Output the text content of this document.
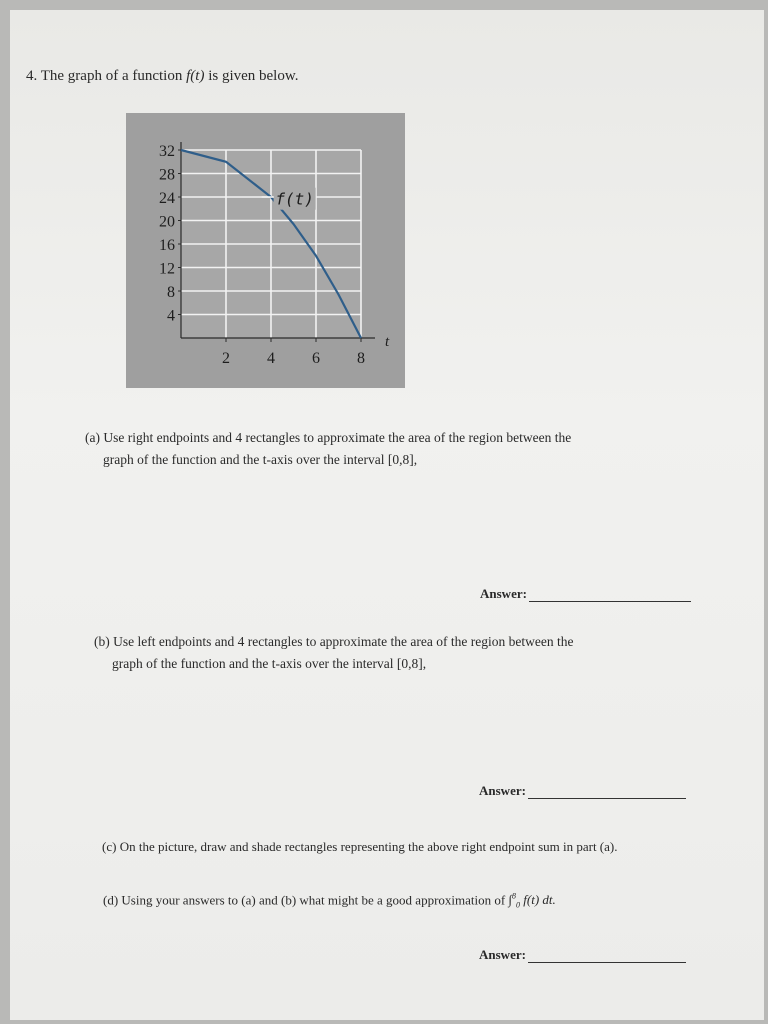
4. The graph of a function f(t) is given below.
32
28
24
20
16
12
8
4
2 4 6 8
t
f(t)
(a) Use right endpoints and 4 rectangles to approximate the area of the region between the
graph of the function and the t-axis over the interval [0,8],
Answer:
(b) Use left endpoints and 4 rectangles to approximate the area of the region between the
graph of the function and the t-axis over the interval [0,8],
Answer:
(c) On the picture, draw and shade rectangles representing the above right endpoint sum in part (a).
(d) Using your answers to (a) and (b) what might be a good approximation of ∫$^8_0$ f(t) dt.
Answer:
